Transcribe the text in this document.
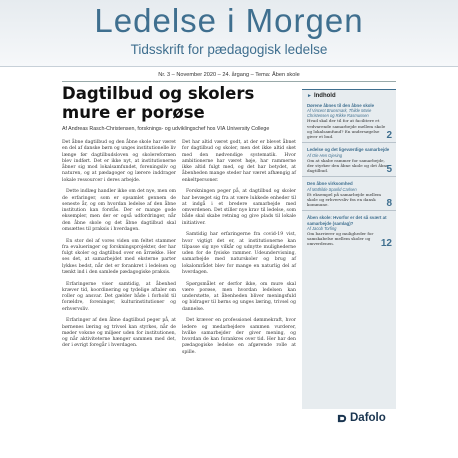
Ledelse i Morgen
Tidsskrift for pædagogisk ledelse
Nr. 3 – November 2020 – 24. årgang – Tema: Åben skole
Dagtilbud og skolers
mure er porøse
Af Andreas Rasch-Christensen, forsknings- og udviklingschef hos VIA University College

Det åbne dagtilbud og den åbne skole har været en del af danske børn og unges institutionelle liv længe før dagtilbudsloven og skolereformen blev indført. Det er ikke nyt, at institutionerne åbner sig mod lokalsamfundet, foreningsliv og naturen, og at pædagoger og lærere inddrager lokale ressourcer i deres arbejde.

Dette indlæg handler ikke om det nye, men om de erfaringer, som er opsamlet gennem de seneste år, og om hvordan ledelse af den åbne institution kan forstås. Der er mange gode eksempler, men der er også udfordringer, når den åbne skole og det åbne dagtilbud skal omsættes til praksis i hverdagen.

En stor del af vores viden om feltet stammer fra evalueringer og forskningsprojekter, der har fulgt skoler og dagtilbud over en årrække. Her ses det, at samarbejdet med eksterne parter lykkes bedst, når det er forankret i ledelsen og tænkt ind i den samlede pædagogiske praksis.

Erfaringerne viser samtidig, at åbenhed kræver tid, koordinering og tydelige aftaler om roller og ansvar. Det gælder både i forhold til forældre, foreninger, kulturinstitutioner og erhvervsliv.

Erfaringer af den åbne dagtilbud peger på, at børnenes læring og trivsel kan styrkes, når de møder voksne og miljøer uden for institutionen, og når aktiviteterne hænger sammen med det, der i øvrigt foregår i hverdagen.

Det har altid været godt, at der er blevet åbnet for dagtilbud og skoler, men det ikke altid sket med den nødvendige systematik. Hvor ambitionerne har været høje, har rammerne ikke altid fulgt med, og det har betydet, at åbenheden mange steder har været afhængig af enkeltpersoner.

Forskningen peger på, at dagtilbud og skoler har bevæget sig fra at være lukkede enheder til at indgå i et bredere samarbejde med omverdenen. Det stiller nye krav til ledelse, som både skal skabe retning og give plads til lokale initiativer.

Samtidig har erfaringerne fra covid-19 vist, hvor vigtigt det er, at institutionerne kan tilpasse sig nye vilkår og udnytte mulighederne uden for de fysiske rammer. Udeundervisning, samarbejde med naturskoler og brug af lokalområdet blev for mange en naturlig del af hverdagen.

Spørgsmålet er derfor ikke, om mure skal være porøse, men hvordan ledelsen kan understøtte, at åbenheden bliver meningsfuld og bidrager til børns og unges læring, trivsel og dannelse.

Det kræver en professionel dømmekraft, hvor ledere og medarbejdere sammen vurderer, hvilke samarbejder der giver mening, og hvordan de kan forankres over tid. Her har den pædagogiske ledelse en afgørende rolle at spille.

► Indhold
Dørene åbnes til den åbne skole
Af Vincent Brunsmark, Thilde Marie Christensen og Rikke Rasmussen
Hvad skal der til for at facilitere et vedvarende samarbejde mellem skole og lokalsamfund? En undersøgelse giver et bud.	2
Ledelse og det ligeværdige samarbejde
Af Ole Hen Gjesing
Om at skabe rammer for samarbejde, der styrker den åbne skole og det åbne dagtilbud.	5
Den åbne virksomhed
Af Mathilde Sparild Carlsen
Et eksempel på samarbejde mellem skole og erhvervsliv fra en dansk kommune.	8
Åben skole: Hvorfor er det så svært at samarbejde (samlag)?
Af Jacob Torfing
Om barrierer og muligheder for samskabelse mellem skoler og omverdenen.	12
Dafolo
